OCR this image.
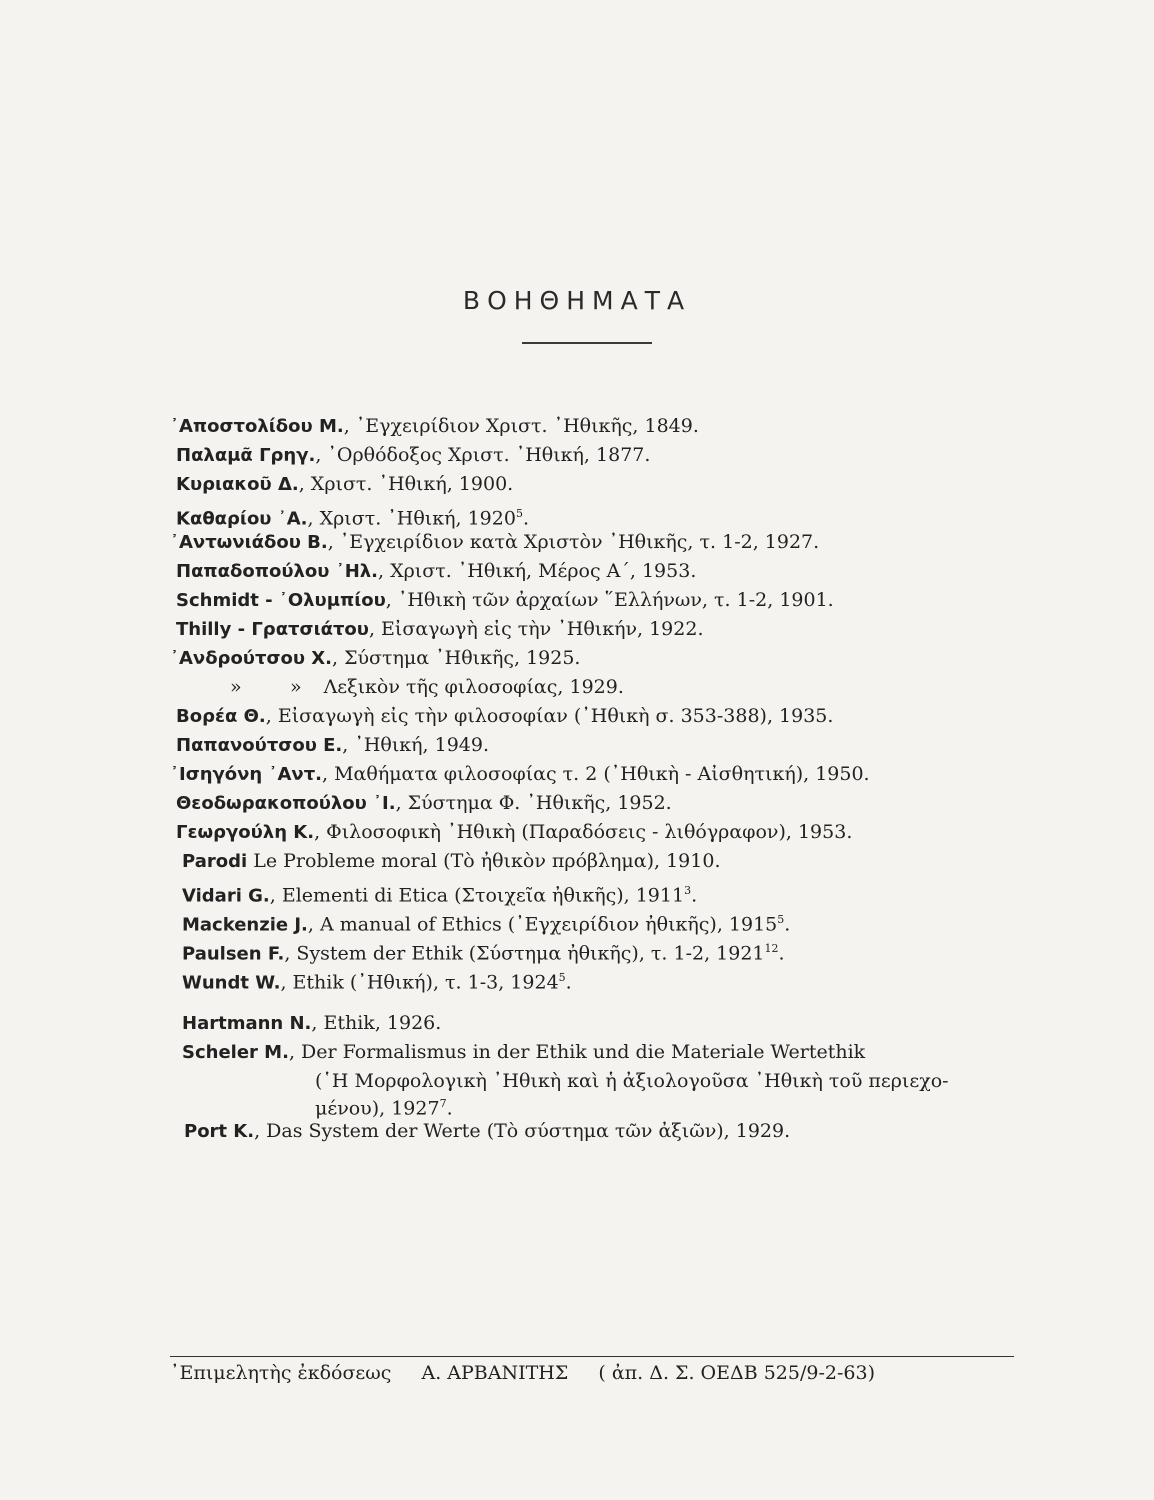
ΒΟΗΘΗΜΑΤΑ
᾿Αποστολίδου Μ., ᾿Εγχειρίδιον Χριστ. ᾿Ηθικῆς, 1849.
Παλαμᾶ Γρηγ., ᾿Ορθόδοξος Χριστ. ᾿Ηθική, 1877.
Κυριακοῦ Δ., Χριστ. ᾿Ηθική, 1900.
Καθαρίου ᾿Α., Χριστ. ᾿Ηθική, 1920$^5$.
᾿Αντωνιάδου Β., ᾿Εγχειρίδιον κατὰ Χριστὸν ᾿Ηθικῆς, τ. 1-2, 1927.
Παπαδοπούλου ᾿Ηλ., Χριστ. ᾿Ηθική, Μέρος Α΄, 1953.
Schmidt - ᾿Ολυμπίου, ᾿Ηθικὴ τῶν ἀρχαίων ῞Ελλήνων, τ. 1-2, 1901.
Thilly - Γρατσιάτου, Εἰσαγωγὴ εἰς τὴν ᾿Ηθικήν, 1922.
᾿Ανδρούτσου Χ., Σύστημα ᾿Ηθικῆς, 1925.
»        » Λεξικὸν τῆς φιλοσοφίας, 1929.
Βορέα Θ., Εἰσαγωγὴ εἰς τὴν φιλοσοφίαν (᾿Ηθικὴ σ. 353-388), 1935.
Παπανούτσου Ε., ᾿Ηθική, 1949.
᾿Ισηγόνη ᾿Αντ., Μαθήματα φιλοσοφίας τ. 2 (᾿Ηθικὴ - Αἰσθητική), 1950.
Θεοδωρακοπούλου ᾿Ι., Σύστημα Φ. ᾿Ηθικῆς, 1952.
Γεωργούλη Κ., Φιλοσοφικὴ ᾿Ηθικὴ (Παραδόσεις - λιθόγραφον), 1953.
Parodi Le Probleme moral (Τὸ ἠθικὸν πρόβλημα), 1910.
Vidari G., Elementi di Etica (Στοιχεῖα ἠθικῆς), 1911$^3$.
Mackenzie J., A manual of Ethics (᾿Εγχειρίδιον ἠθικῆς), 1915$^5$.
Paulsen F., System der Ethik (Σύστημα ἠθικῆς), τ. 1-2, 1921$^{12}$.
Wundt W., Ethik (᾿Ηθική), τ. 1-3, 1924$^5$.
Hartmann N., Ethik, 1926.
Scheler M., Der Formalismus in der Ethik und die Materiale Wertethik
Port K., Das System der Werte (Τὸ σύστημα τῶν ἀξιῶν), 1929.
(῾Η Μορφολογικὴ ᾿Ηθικὴ καὶ ἡ ἀξιολογοῦσα ᾿Ηθικὴ τοῦ περιεχο-
μένου), 1927$^7$.
᾿Επιμελητὴς ἐκδόσεως Α. ΑΡΒΑΝΙΤΗΣ ( ἀπ. Δ. Σ. ΟΕΔΒ 525/9-2-63)
